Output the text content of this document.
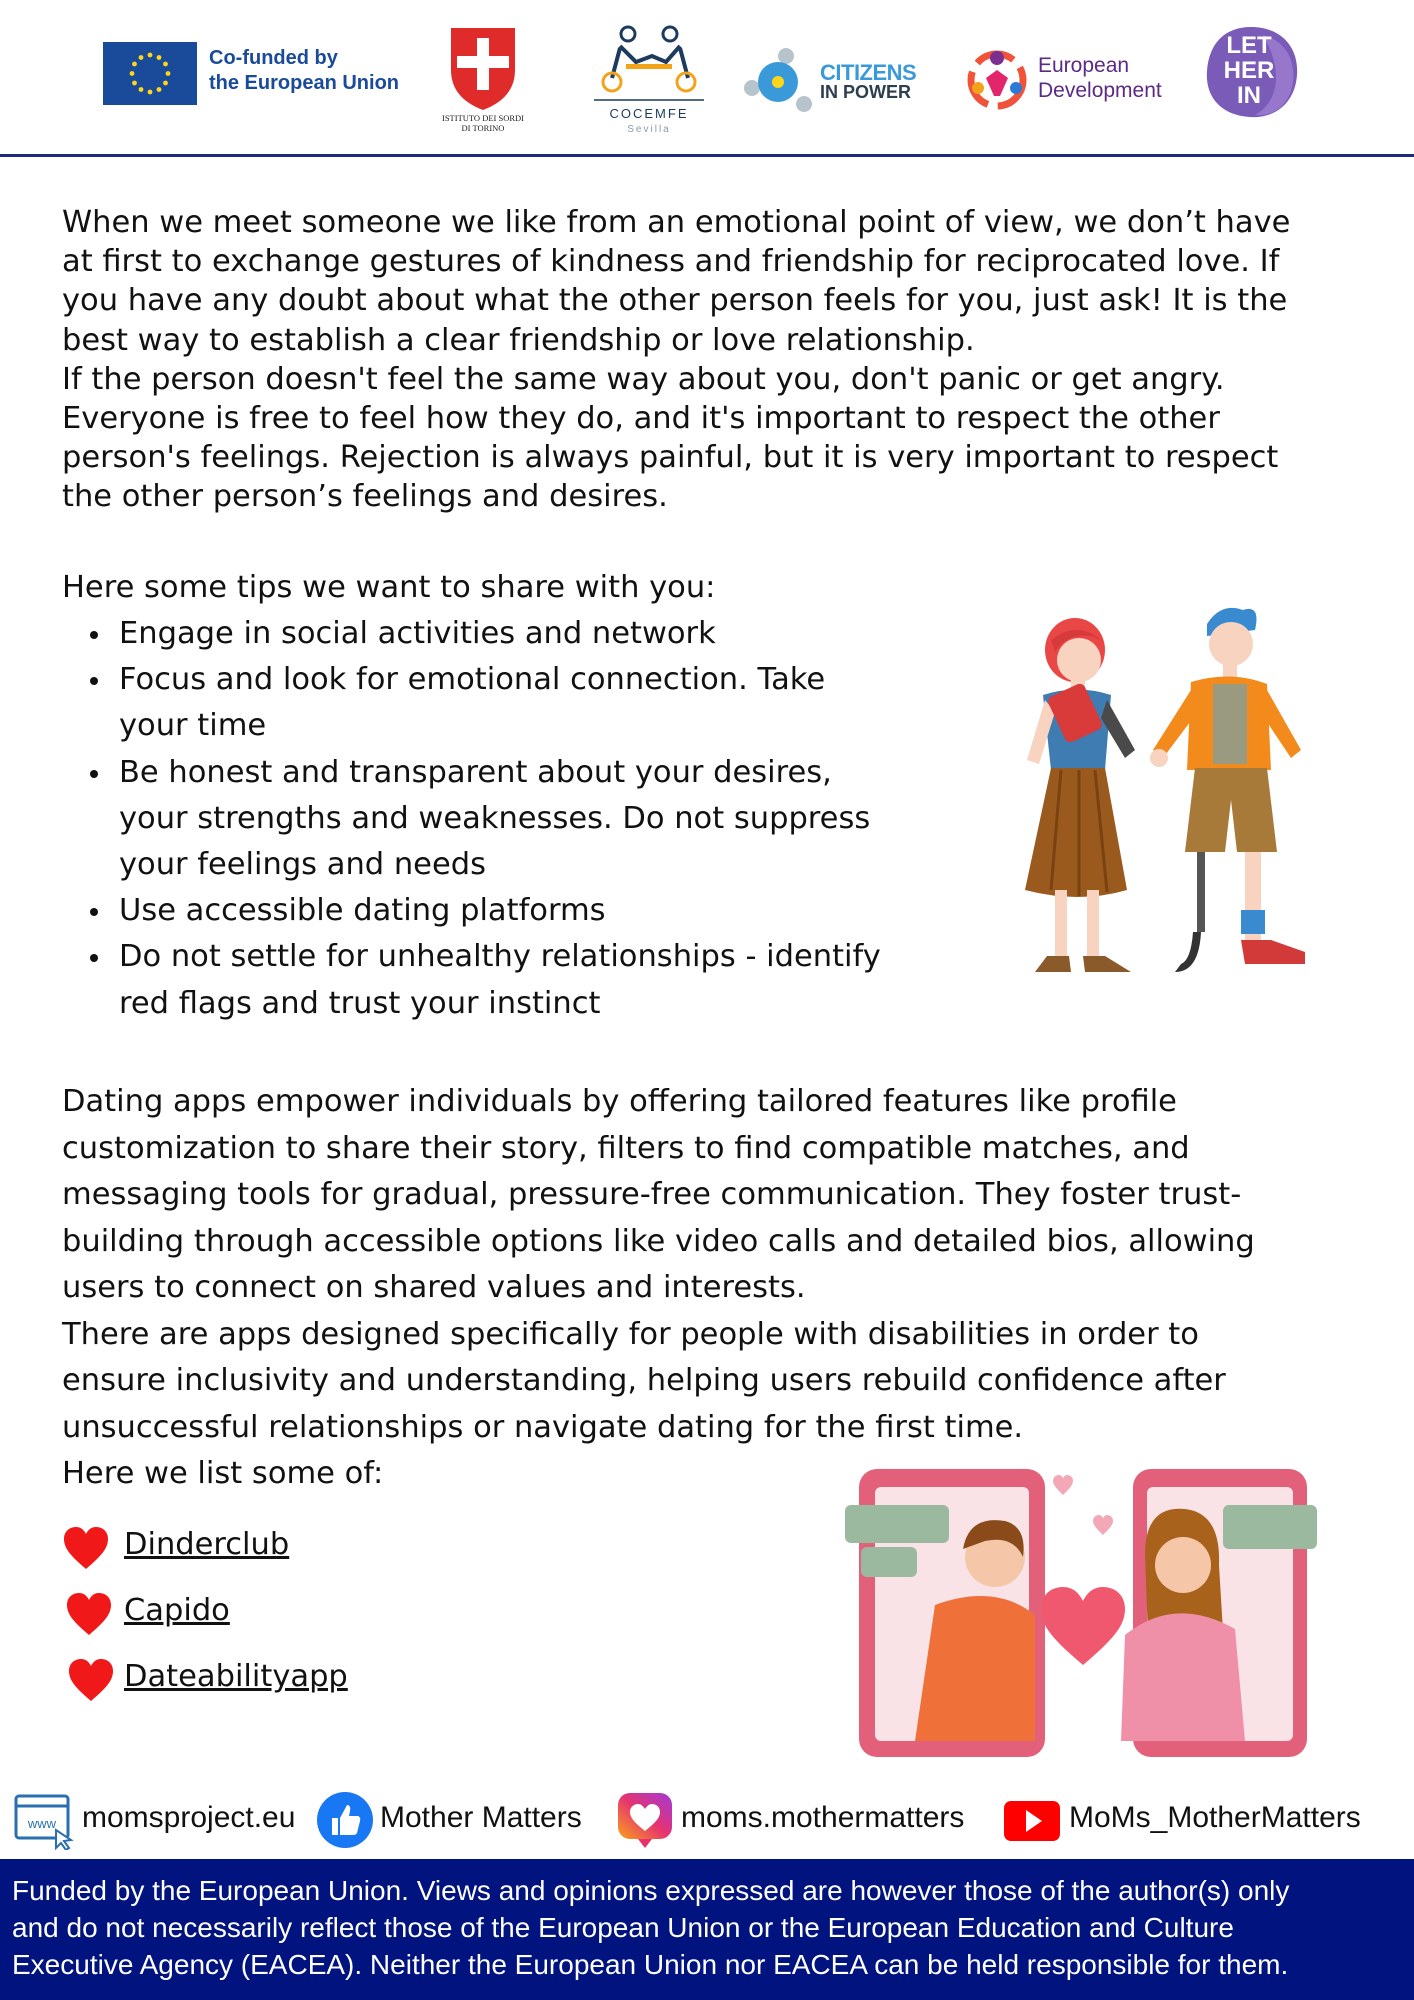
Co-funded by
the European Union
ISTITUTO DEI SORDI
DI TORINO
COCEMFE
Sevilla
CITIZENS
IN POWER
European
Development
LET
HER
IN
When we meet someone we like from an emotional point of view, we don’t have
at first to exchange gestures of kindness and friendship for reciprocated love. If
you have any doubt about what the other person feels for you, just ask! It is the
best way to establish a clear friendship or love relationship.
If the person doesn't feel the same way about you, don't panic or get angry.
Everyone is free to feel how they do, and it's important to respect the other
person's feelings. Rejection is always painful, but it is very important to respect
the other person’s feelings and desires.
Here some tips we want to share with you:
Engage in social activities and network
Focus and look for emotional connection. Take
your time
Be honest and transparent about your desires,
your strengths and weaknesses. Do not suppress
your feelings and needs
Use accessible dating platforms
Do not settle for unhealthy relationships - identify
red flags and trust your instinct
Dating apps empower individuals by offering tailored features like profile
customization to share their story, filters to find compatible matches, and
messaging tools for gradual, pressure-free communication. They foster trust-
building through accessible options like video calls and detailed bios, allowing
users to connect on shared values and interests.
There are apps designed specifically for people with disabilities in order to
ensure inclusivity and understanding, helping users rebuild confidence after
unsuccessful relationships or navigate dating for the first time.
Here we list some of:
Dinderclub
Capido
Dateabilityapp
www momsproject.eu	Mother Matters	moms.mothermatters	MoMs_MotherMatters
Funded by the European Union. Views and opinions expressed are however those of the author(s) only
and do not necessarily reflect those of the European Union or the European Education and Culture
Executive Agency (EACEA). Neither the European Union nor EACEA can be held responsible for them.
